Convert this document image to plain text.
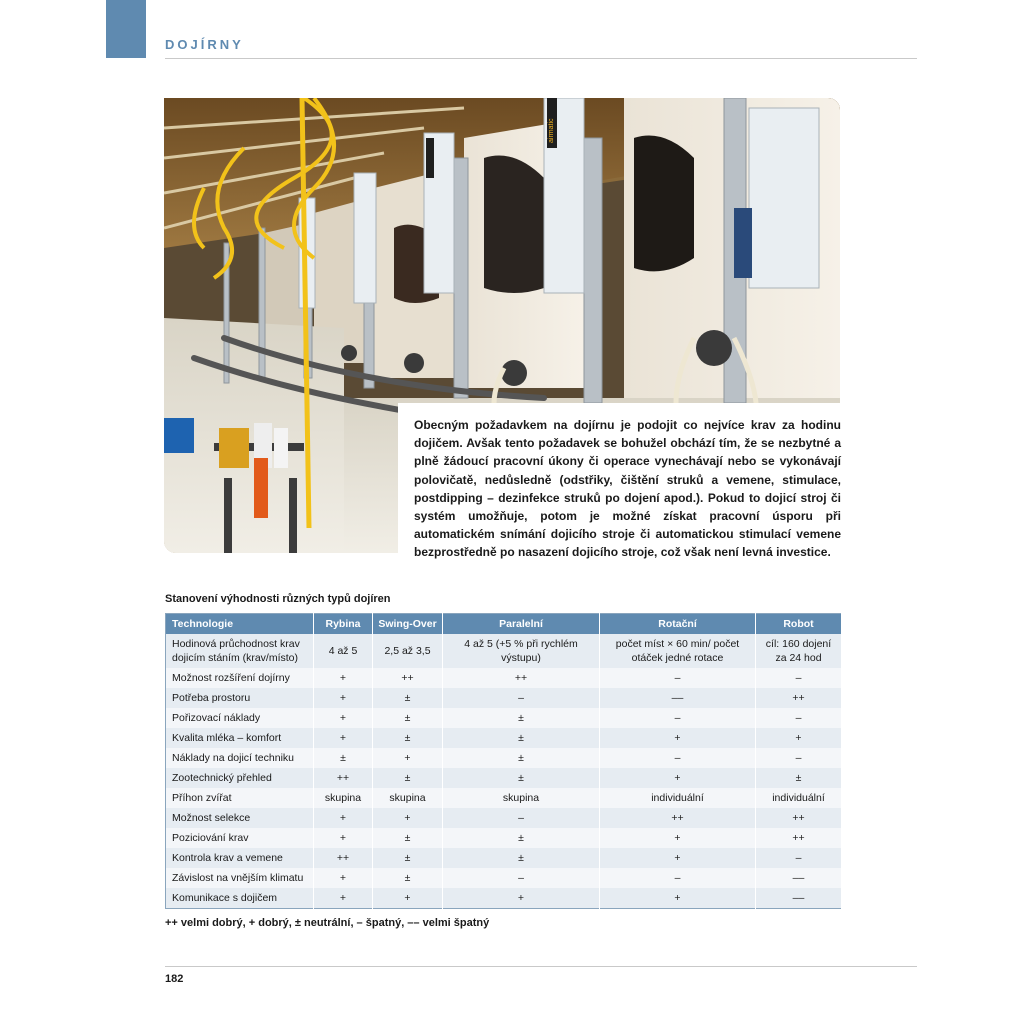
DOJÍRNY
airmatic

Obecným požadavkem na dojírnu je podojit co nejvíce krav za hodinu dojičem. Avšak tento požadavek se bohužel obchází tím, že se nezbytné a plně žádoucí pracovní úkony či operace vynechávají nebo se vykonávají polovičatě, nedůsledně (odstřiky, čištění struků a vemene, stimulace, postdipping – dezinfekce struků po dojení apod.). Pokud to dojicí stroj či systém umožňuje, potom je možné získat pracovní úsporu při automatickém snímání dojicího stroje či automatickou stimulací vemene bezprostředně po nasazení dojicího stroje, což však není levná investice.

Stanovení výhodnosti různých typů dojíren
Technologie	Rybina	Swing-Over	Paralelní	Rotační	Robot
Hodinová průchodnost krav dojicím stáním (krav/místo)	4 až 5	2,5 až 3,5	4 až 5 (+5 % při rychlém výstupu)	počet míst × 60 min/ počet otáček jedné rotace	cíl: 160 dojení za 24 hod
Možnost rozšíření dojírny	+	++	++	–	–
Potřeba prostoru	+	±	–	––	++
Pořizovací náklady	+	±	±	–	–
Kvalita mléka – komfort	+	±	±	+	+
Náklady na dojicí techniku	±	+	±	–	–
Zootechnický přehled	++	±	±	+	±
Příhon zvířat	skupina	skupina	skupina	individuální	individuální
Možnost selekce	+	+	–	++	++
Poziciování krav	+	±	±	+	++
Kontrola krav a vemene	++	±	±	+	–
Závislost na vnějším klimatu	+	±	–	–	––
Komunikace s dojičem	+	+	+	+	––
++ velmi dobrý, + dobrý, ± neutrální, – špatný, –– velmi špatný
182
